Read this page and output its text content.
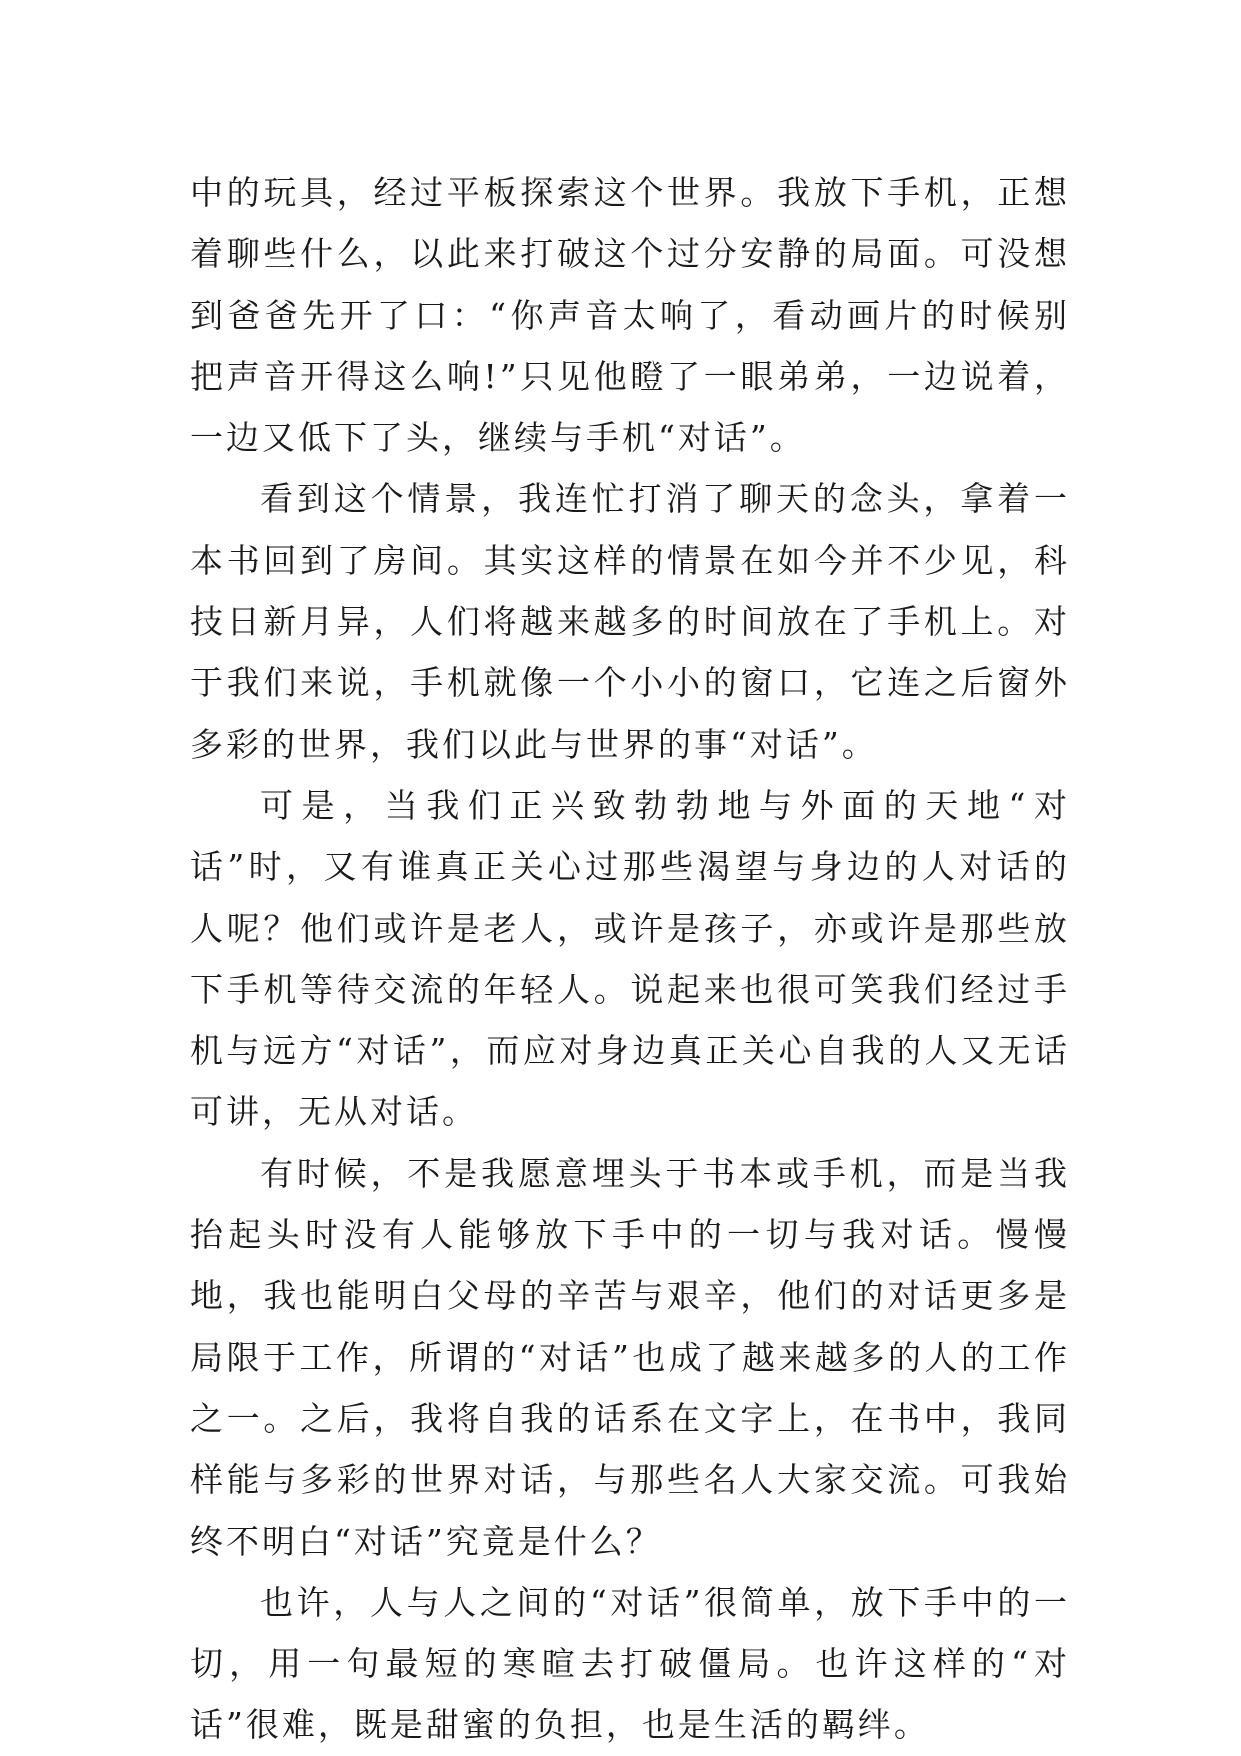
中的玩具，经过平板探索这个世界。我放下手机，正想着聊些什么，以此来打破这个过分安静的局面。可没想到爸爸先开了口：“你声音太响了，看动画片的时候别把声音开得这么响!”只见他瞪了一眼弟弟，一边说着，一边又低下了头，继续与手机“对话”。

看到这个情景，我连忙打消了聊天的念头，拿着一本书回到了房间。其实这样的情景在如今并不少见，科技日新月异，人们将越来越多的时间放在了手机上。对于我们来说，手机就像一个小小的窗口，它连之后窗外多彩的世界，我们以此与世界的事“对话”。

可是，当我们正兴致勃勃地与外面的天地“对话”时，又有谁真正关心过那些渴望与身边的人对话的人呢？他们或许是老人，或许是孩子，亦或许是那些放下手机等待交流的年轻人。说起来也很可笑我们经过手机与远方“对话”，而应对身边真正关心自我的人又无话可讲，无从对话。

有时候，不是我愿意埋头于书本或手机，而是当我抬起头时没有人能够放下手中的一切与我对话。慢慢地，我也能明白父母的辛苦与艰辛，他们的对话更多是局限于工作，所谓的“对话”也成了越来越多的人的工作之一。之后，我将自我的话系在文字上，在书中，我同样能与多彩的世界对话，与那些名人大家交流。可我始终不明白“对话”究竟是什么？

也许，人与人之间的“对话”很简单，放下手中的一切，用一句最短的寒暄去打破僵局。也许这样的“对话”很难，既是甜蜜的负担，也是生活的羁绊。
